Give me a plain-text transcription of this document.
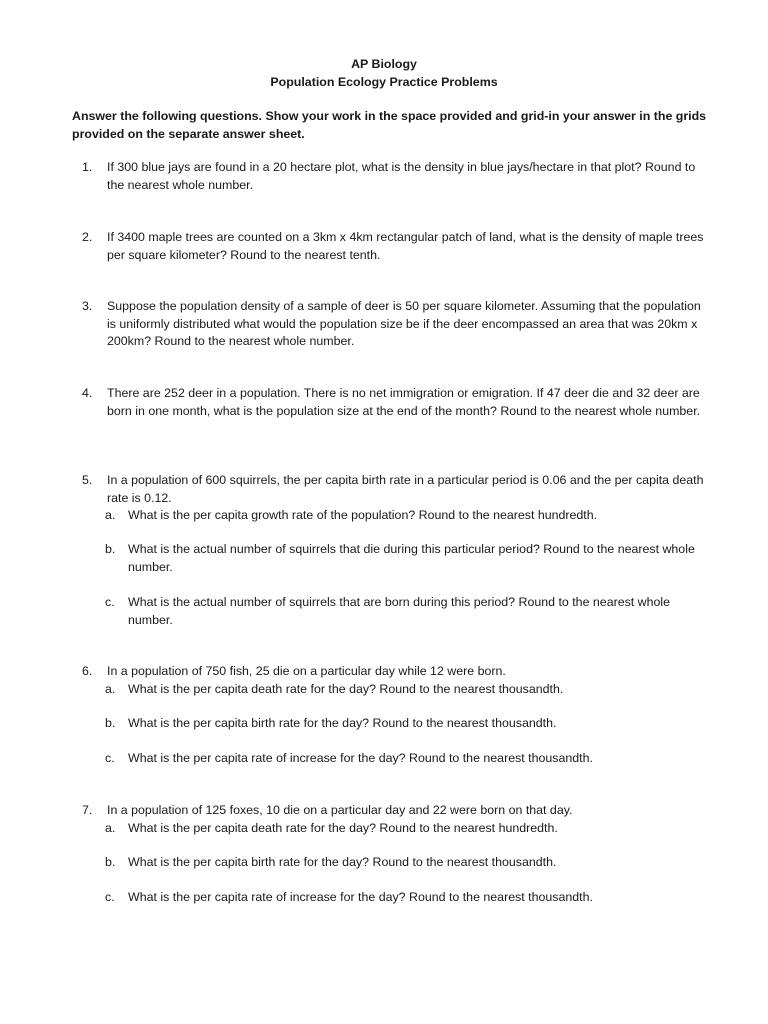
AP Biology
Population Ecology Practice Problems
Answer the following questions. Show your work in the space provided and grid-in your answer in the grids provided on the separate answer sheet.
1. If 300 blue jays are found in a 20 hectare plot, what is the density in blue jays/hectare in that plot? Round to the nearest whole number.
2. If 3400 maple trees are counted on a 3km x 4km rectangular patch of land, what is the density of maple trees per square kilometer? Round to the nearest tenth.
3. Suppose the population density of a sample of deer is 50 per square kilometer. Assuming that the population is uniformly distributed what would the population size be if the deer encompassed an area that was 20km x 200km? Round to the nearest whole number.
4. There are 252 deer in a population. There is no net immigration or emigration. If 47 deer die and 32 deer are born in one month, what is the population size at the end of the month? Round to the nearest whole number.
5. In a population of 600 squirrels, the per capita birth rate in a particular period is 0.06 and the per capita death rate is 0.12.
a. What is the per capita growth rate of the population? Round to the nearest hundredth.
b. What is the actual number of squirrels that die during this particular period? Round to the nearest whole number.
c. What is the actual number of squirrels that are born during this period? Round to the nearest whole number.
6. In a population of 750 fish, 25 die on a particular day while 12 were born.
a. What is the per capita death rate for the day? Round to the nearest thousandth.
b. What is the per capita birth rate for the day? Round to the nearest thousandth.
c. What is the per capita rate of increase for the day? Round to the nearest thousandth.
7. In a population of 125 foxes, 10 die on a particular day and 22 were born on that day.
a. What is the per capita death rate for the day? Round to the nearest hundredth.
b. What is the per capita birth rate for the day? Round to the nearest thousandth.
c. What is the per capita rate of increase for the day? Round to the nearest thousandth.
